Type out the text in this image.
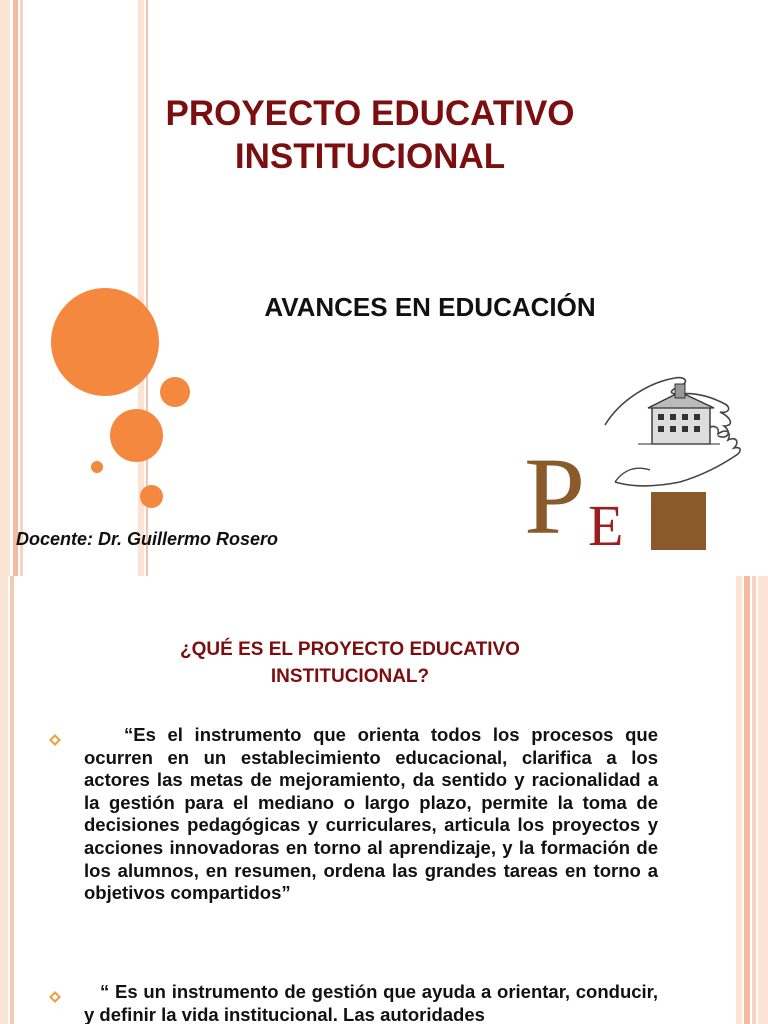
PROYECTO EDUCATIVO
INSTITUCIONAL
AVANCES EN EDUCACIÓN

Docente: Dr. Guillermo Rosero P E
¿QUÉ ES EL PROYECTO EDUCATIVO
INSTITUCIONAL?

“Es el instrumento que orienta todos los procesos que ocurren en un establecimiento educacional, clarifica a los actores las metas de mejoramiento, da sentido y racionalidad a la gestión para el mediano o largo plazo, permite la toma de decisiones pedagógicas y curriculares, articula los proyectos y acciones innovadoras en torno al aprendizaje, y la formación de los alumnos, en resumen, ordena las grandes tareas en torno a objetivos compartidos”

“ Es un instrumento de gestión que ayuda a orientar, conducir, y definir la vida institucional. Las autoridades
